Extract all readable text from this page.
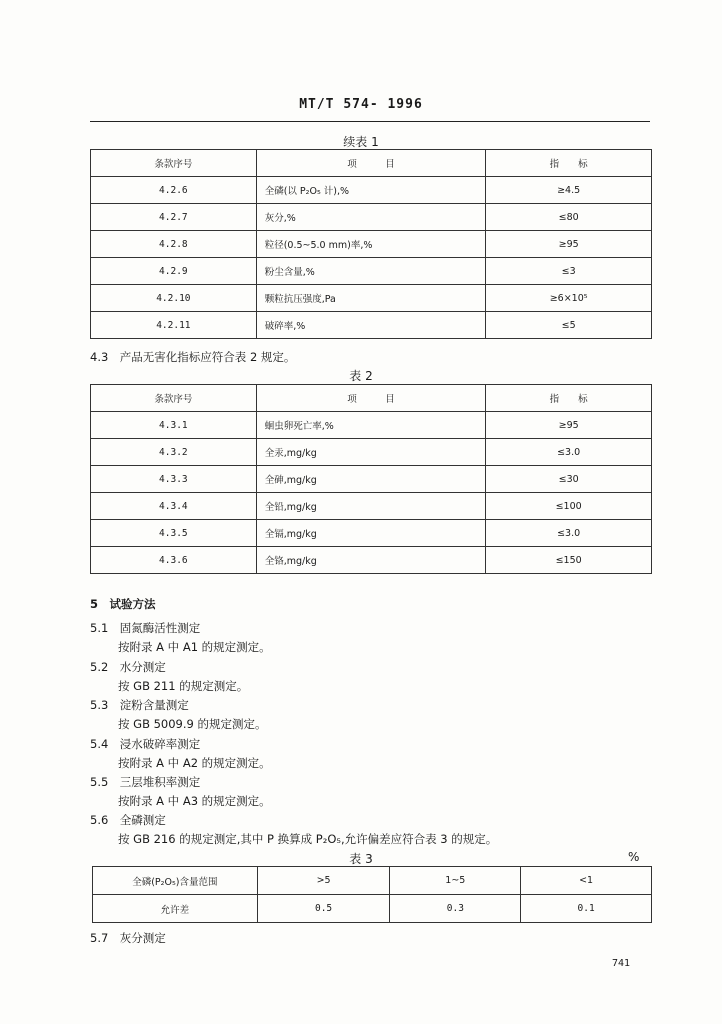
MT/T 574- 1996
续表 1
条款序号	项　　　目	指　　标
4.2.6	全磷(以 P₂O₅ 计),%	≥4.5
4.2.7	灰分,%	≤80
4.2.8	粒径(0.5~5.0 mm)率,%	≥95
4.2.9	粉尘含量,%	≤3
4.2.10	颗粒抗压强度,Pa	≥6×10⁵
4.2.11	破碎率,%	≤5
4.3　产品无害化指标应符合表 2 规定。
表 2
条款序号	项　　　目	指　　标
4.3.1	蛔虫卵死亡率,%	≥95
4.3.2	全汞,mg/kg	≤3.0
4.3.3	全砷,mg/kg	≤30
4.3.4	全铅,mg/kg	≤100
4.3.5	全镉,mg/kg	≤3.0
4.3.6	全铬,mg/kg	≤150
5　试验方法
5.1　固氮酶活性测定
按附录 A 中 A1 的规定测定。
5.2　水分测定
按 GB 211 的规定测定。
5.3　淀粉含量测定
按 GB 5009.9 的规定测定。
5.4　浸水破碎率测定
按附录 A 中 A2 的规定测定。
5.5　三层堆积率测定
按附录 A 中 A3 的规定测定。
5.6　全磷测定
按 GB 216 的规定测定,其中 P 换算成 P₂O₅,允许偏差应符合表 3 的规定。
表 3	%
全磷(P₂O₅)含量范围	>5	1~5	<1
允许差	0.5	0.3	0.1
5.7　灰分测定
741
